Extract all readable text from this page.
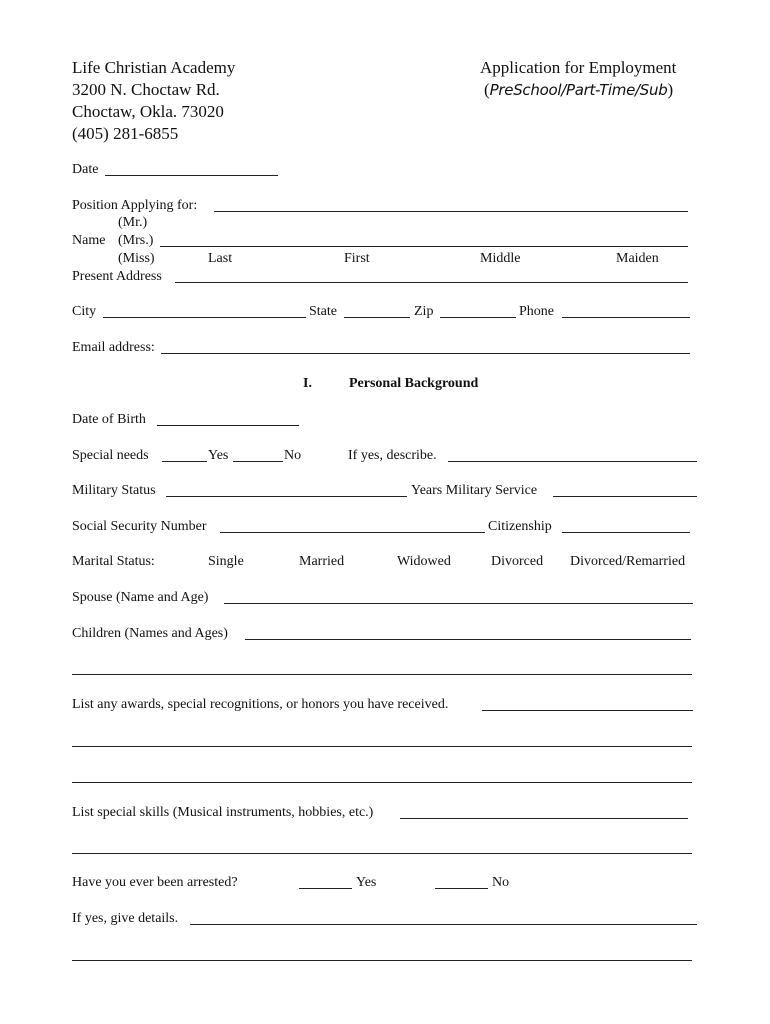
Life Christian Academy
3200 N. Choctaw Rd.
Choctaw, Okla. 73020
(405) 281-6855
Application for Employment
(PreSchool/Part-Time/Sub)
Date
Position Applying for:
(Mr.)
Name (Mrs.)
(Miss)	Last	First	Middle	Maiden
Present Address
City	State	Zip	Phone
Email address:
I.	Personal Background
Date of Birth
Special needs	Yes	No	If yes, describe.
Military Status	Years Military Service
Social Security Number	Citizenship
Marital Status:	Single	Married	Widowed	Divorced Divorced/Remarried
Spouse (Name and Age)
Children (Names and Ages)
List any awards, special recognitions, or honors you have received.
List special skills (Musical instruments, hobbies, etc.)
Have you ever been arrested?	Yes	No
If yes, give details.
